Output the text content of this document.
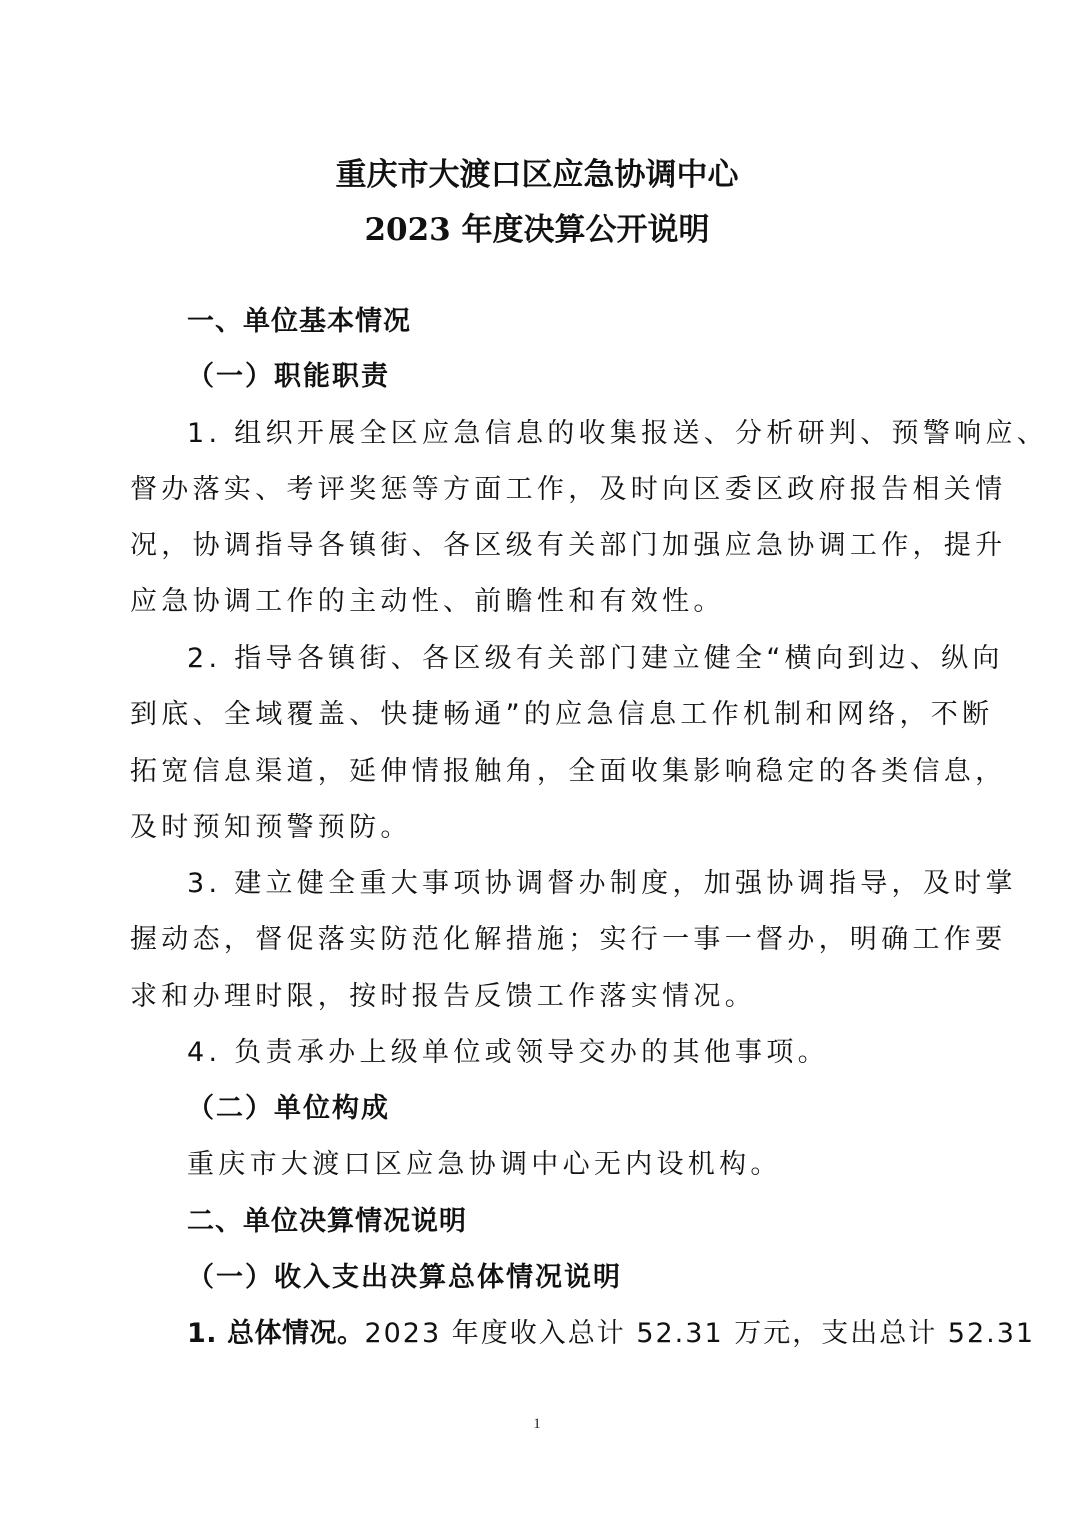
重庆市大渡口区应急协调中心
2023 年度决算公开说明
一、单位基本情况
（一）职能职责
1. 组织开展全区应急信息的收集报送、分析研判、预警响应、
督办落实、考评奖惩等方面工作，及时向区委区政府报告相关情
况，协调指导各镇街、各区级有关部门加强应急协调工作，提升
应急协调工作的主动性、前瞻性和有效性。
2. 指导各镇街、各区级有关部门建立健全“横向到边、纵向
到底、全域覆盖、快捷畅通”的应急信息工作机制和网络，不断
拓宽信息渠道，延伸情报触角，全面收集影响稳定的各类信息，
及时预知预警预防。
3. 建立健全重大事项协调督办制度，加强协调指导，及时掌
握动态，督促落实防范化解措施；实行一事一督办，明确工作要
求和办理时限，按时报告反馈工作落实情况。
4. 负责承办上级单位或领导交办的其他事项。
（二）单位构成
重庆市大渡口区应急协调中心无内设机构。
二、单位决算情况说明
（一）收入支出决算总体情况说明
1. 总体情况。2023 年度收入总计 52.31 万元，支出总计 52.31
1
